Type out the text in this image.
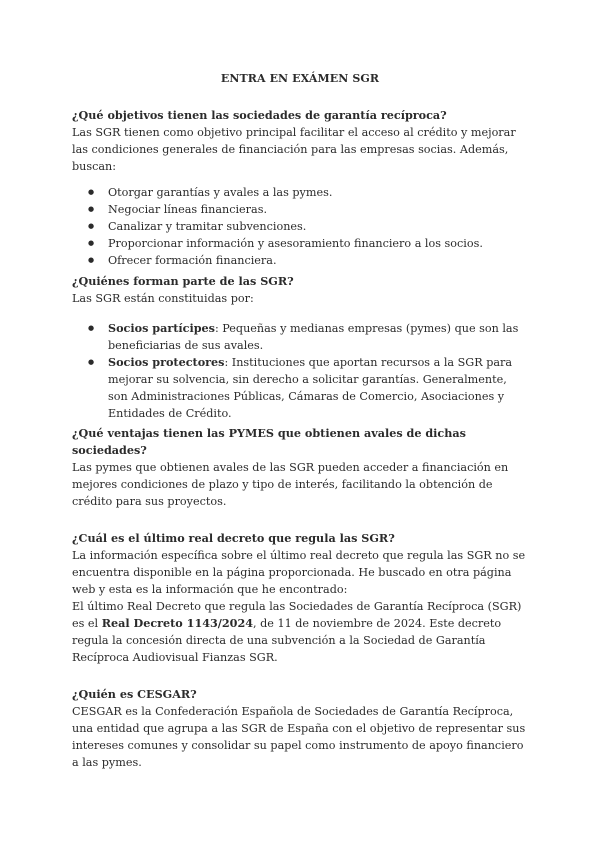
ENTRA EN EXÁMEN SGR
¿Qué objetivos tienen las sociedades de garantía recíproca?

Las SGR tienen como objetivo principal facilitar el acceso al crédito y mejorar las condiciones generales de financiación para las empresas socias. Además, buscan:

● Otorgar garantías y avales a las pymes.
● Negociar líneas financieras.
● Canalizar y tramitar subvenciones.
● Proporcionar información y asesoramiento financiero a los socios.
● Ofrecer formación financiera.
¿Quiénes forman parte de las SGR?

Las SGR están constituidas por:

● Socios partícipes: Pequeñas y medianas empresas (pymes) que son las beneficiarias de sus avales.
● Socios protectores: Instituciones que aportan recursos a la SGR para mejorar su solvencia, sin derecho a solicitar garantías. Generalmente, son Administraciones Públicas, Cámaras de Comercio, Asociaciones y Entidades de Crédito.
¿Qué ventajas tienen las PYMES que obtienen avales de dichas sociedades?

Las pymes que obtienen avales de las SGR pueden acceder a financiación en mejores condiciones de plazo y tipo de interés, facilitando la obtención de crédito para sus proyectos.

¿Cuál es el último real decreto que regula las SGR?

La información específica sobre el último real decreto que regula las SGR no se encuentra disponible en la página proporcionada. He buscado en otra página web y esta es la información que he encontrado:

El último Real Decreto que regula las Sociedades de Garantía Recíproca (SGR) es el Real Decreto 1143/2024, de 11 de noviembre de 2024. Este decreto regula la concesión directa de una subvención a la Sociedad de Garantía Recíproca Audiovisual Fianzas SGR.

¿Quién es CESGAR?

CESGAR es la Confederación Española de Sociedades de Garantía Recíproca, una entidad que agrupa a las SGR de España con el objetivo de representar sus intereses comunes y consolidar su papel como instrumento de apoyo financiero a las pymes.
